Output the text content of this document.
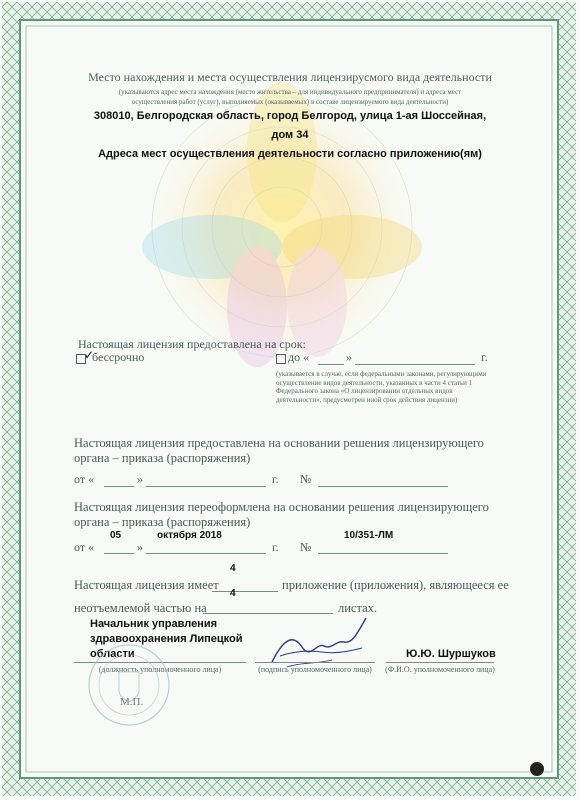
Место нахождения и места осуществления лицензирусмого вида деятельности
(указываются адрес места нахождения (место жительства – для индивидуального предпринимателя) и адреса мест
осуществления работ (услуг), выполняемых (оказываемых) в составе лицензируемого вида деятельности)
308010, Белгородская область, город Белгород, улица 1-ая Шоссейная,
дом 34
Адреса мест осуществления деятельности согласно приложению(ям)
Настоящая лицензия предоставлена на срок:
✓
бессрочно	до «	»	г.
(указывается в случае, если федеральными законами, регулирующими осуществление видов деятельности, указанных в части 4 статьи 1 Федерального закона «О лицензировании отдельных видов деятельности», предусмотрен иной срок действия лицензии)
Настоящая лицензия предоставлена на основании решения лицензирующего
органа – приказа (распоряжения)
от «	»	г. №
Настоящая лицензия переоформлена на основании решения лицензирующего
органа – приказа (распоряжения)
от «
05
»
октября 2018
г. №
10/351-ЛМ
Настоящая лицензия имеет
4
приложение (приложения), являющееся ее
неотъемлемой частью на
4
листах.
Начальник управления
здравоохранения Липецкой
области
(должность уполномоченного лица)	(подпись уполномоченного лица)
Ю.Ю. Шуршуков
(Ф.И.О. уполномоченного лица)
М.П.
